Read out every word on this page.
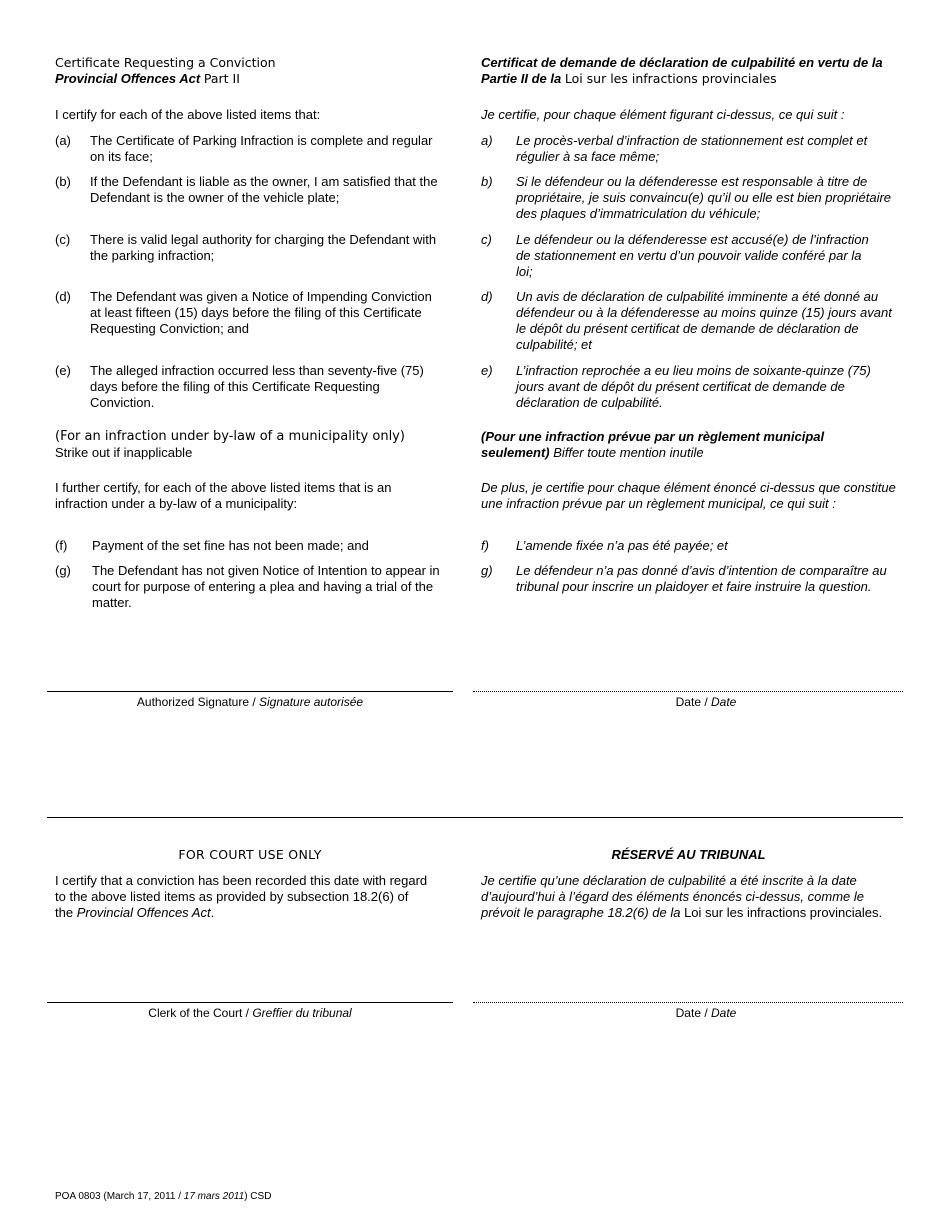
Certificate Requesting a Conviction
Provincial Offences Act Part II
Certificat de demande de déclaration de culpabilité en vertu de la Partie II de la Loi sur les infractions provinciales
I certify for each of the above listed items that:	Je certifie, pour chaque élément figurant ci-dessus, ce qui suit :
(a) The Certificate of Parking Infraction is complete and regular on its face;
(b) If the Defendant is liable as the owner, I am satisfied that the Defendant is the owner of the vehicle plate;
(c) There is valid legal authority for charging the Defendant with the parking infraction;
(d) The Defendant was given a Notice of Impending Conviction at least fifteen (15) days before the filing of this Certificate Requesting Conviction; and
(e) The alleged infraction occurred less than seventy-five (75) days before the filing of this Certificate Requesting Conviction.
a) Le procès-verbal d’infraction de stationnement est complet et régulier à sa face même;
b) Si le défendeur ou la défenderesse est responsable à titre de propriétaire, je suis convaincu(e) qu’il ou elle est bien propriétaire des plaques d’immatriculation du véhicule;
c) Le défendeur ou la défenderesse est accusé(e) de l’infraction de stationnement en vertu d’un pouvoir valide conféré par la loi;
d) Un avis de déclaration de culpabilité imminente a été donné au défendeur ou à la défenderesse au moins quinze (15) jours avant le dépôt du présent certificat de demande de déclaration de culpabilité; et
e) L’infraction reprochée a eu lieu moins de soixante-quinze (75) jours avant de dépôt du présent certificat de demande de déclaration de culpabilité.
(For an infraction under by-law of a municipality only)
Strike out if inapplicable
(Pour une infraction prévue par un règlement municipal seulement) Biffer toute mention inutile
I further certify, for each of the above listed items that is an infraction under a by-law of a municipality:
De plus, je certifie pour chaque élément énoncé ci-dessus que constitue une infraction prévue par un règlement municipal, ce qui suit :
(f) Payment of the set fine has not been made; and
(g) The Defendant has not given Notice of Intention to appear in court for purpose of entering a plea and having a trial of the matter.
f) L’amende fixée n’a pas été payée; et
g) Le défendeur n’a pas donné d’avis d’intention de comparaître au tribunal pour inscrire un plaidoyer et faire instruire la question.
Authorized Signature / Signature autorisée	Date / Date
FOR COURT USE ONLY	RÉSERVÉ AU TRIBUNAL
I certify that a conviction has been recorded this date with regard to the above listed items as provided by subsection 18.2(6) of the Provincial Offences Act.
Je certifie qu’une déclaration de culpabilité a été inscrite à la date d’aujourd’hui à l’égard des éléments énoncés ci-dessus, comme le prévoit le paragraphe 18.2(6) de la Loi sur les infractions provinciales.
Clerk of the Court / Greffier du tribunal	Date / Date
POA 0803 (March 17, 2011 / 17 mars 2011) CSD
